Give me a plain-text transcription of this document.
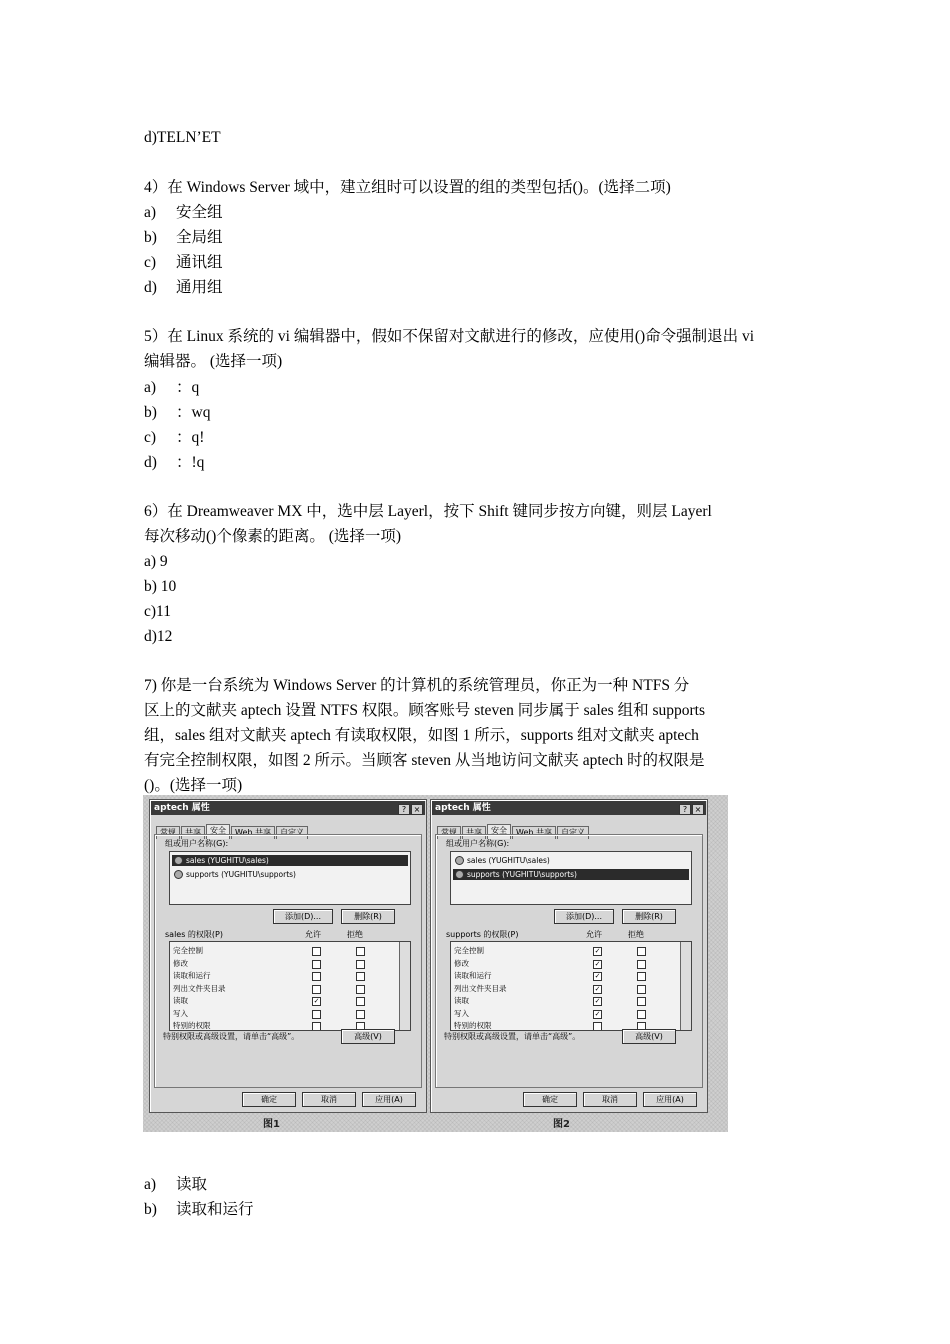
d)TELN’ET
4）在 Windows Server 域中，建立组时可以设置的组的类型包括()。(选择二项)
a) 安全组
b) 全局组
c) 通讯组
d) 通用组
5）在 Linux 系统的 vi 编辑器中，假如不保留对文献进行的修改，应使用()命令强制退出 vi
编辑器。 (选择一项)
a) ：q
b) ：wq
c) ：q!
d) ：!q
6）在 Dreamweaver MX 中，选中层 Layerl，按下 Shift 键同步按方向键，则层 Layerl
每次移动()个像素的距离。 (选择一项)
a) 9
b) 10
c)11
d)12
7) 你是一台系统为 Windows Server 的计算机的系统管理员，你正为一种 NTFS 分
区上的文献夹 aptech 设置 NTFS 权限。顾客账号 steven 同步属于 sales 组和 supports
组，sales 组对文献夹 aptech 有读取权限，如图 1 所示，supports 组对文献夹 aptech
有完全控制权限，如图 2 所示。当顾客 steven 从当地访问文献夹 aptech 时的权限是
()。(选择一项)
a) 读取
b) 读取和运行
aptech 属性	? ×
常规 共享 安全 Web 共享 自定义
组或用户名称(G):
sales (YUGHITU\sales)
supports (YUGHITU\supports)
添加(D)...	删除(R)
sales 的权限(P)	允许	拒绝
完全控制
修改
读取和运行
列出文件夹目录
读取	✓
写入
特别的权限
特别权限或高级设置，请单击“高级”。	高级(V)
确定	取消	应用(A)
图1
aptech 属性	? ×
常规 共享 安全 Web 共享 自定义
组或用户名称(G):
sales (YUGHITU\sales)
supports (YUGHITU\supports)
添加(D)...	删除(R)
supports 的权限(P)	允许	拒绝
完全控制	✓
修改	✓
读取和运行	✓
列出文件夹目录	✓
读取	✓
写入	✓
特别的权限
特别权限或高级设置，请单击“高级”。	高级(V)
确定	取消	应用(A)
图2
